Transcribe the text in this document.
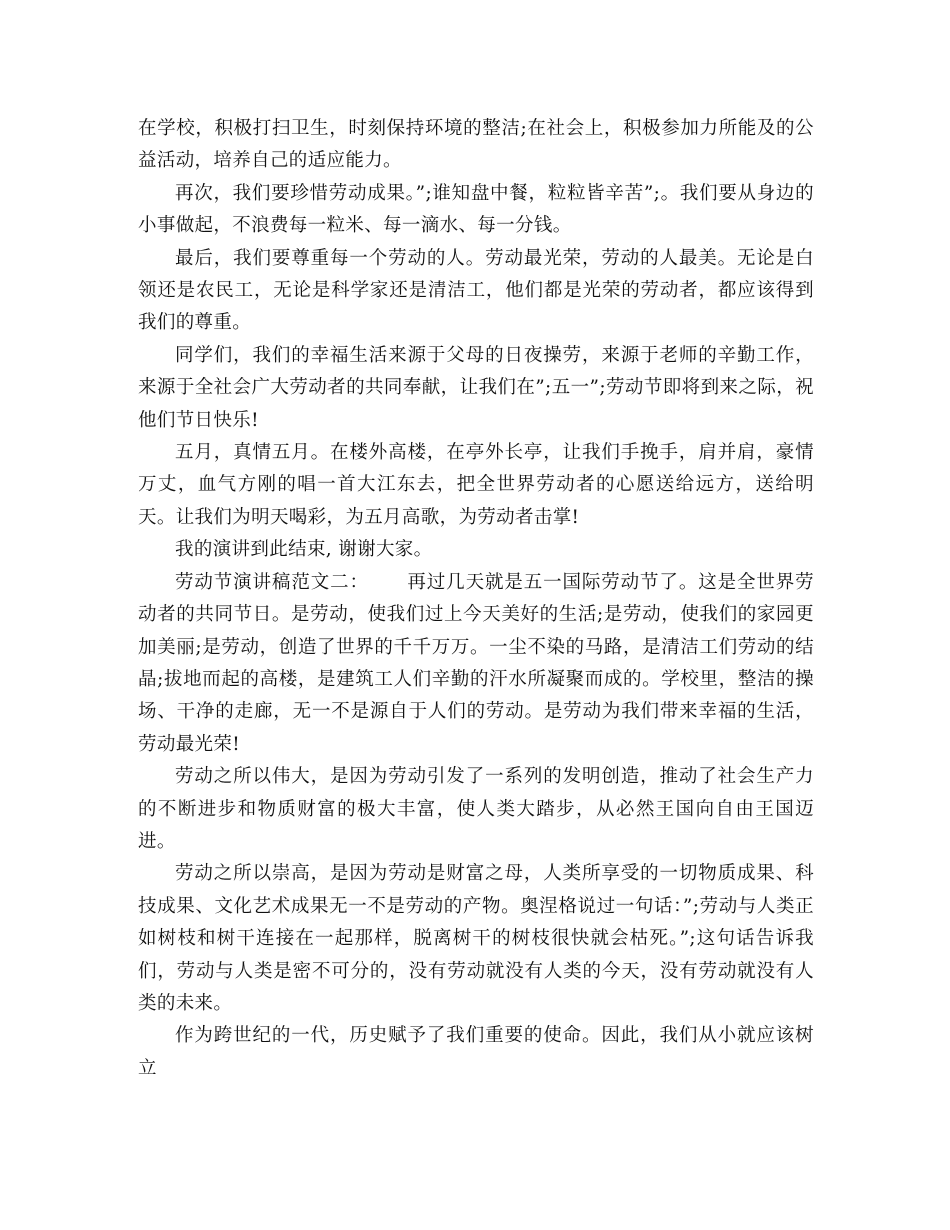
在学校，积极打扫卫生，时刻保持环境的整洁;在社会上，积极参加力所能及的公益活动，培养自己的适应能力。

再次，我们要珍惜劳动成果。”;谁知盘中餐，粒粒皆辛苦”;。我们要从身边的小事做起，不浪费每一粒米、每一滴水、每一分钱。

最后，我们要尊重每一个劳动的人。劳动最光荣，劳动的人最美。无论是白领还是农民工，无论是科学家还是清洁工，他们都是光荣的劳动者，都应该得到我们的尊重。

同学们，我们的幸福生活来源于父母的日夜操劳，来源于老师的辛勤工作，来源于全社会广大劳动者的共同奉献，让我们在”;五一”;劳动节即将到来之际，祝他们节日快乐!

五月，真情五月。在楼外高楼，在亭外长亭，让我们手挽手，肩并肩，豪情万丈，血气方刚的唱一首大江东去，把全世界劳动者的心愿送给远方，送给明天。让我们为明天喝彩，为五月高歌，为劳动者击掌!

我的演讲到此结束, 谢谢大家。

劳动节演讲稿范文二： 再过几天就是五一国际劳动节了。这是全世界劳动者的共同节日。是劳动，使我们过上今天美好的生活;是劳动，使我们的家园更加美丽;是劳动，创造了世界的千千万万。一尘不染的马路，是清洁工们劳动的结晶;拔地而起的高楼，是建筑工人们辛勤的汗水所凝聚而成的。学校里，整洁的操场、干净的走廊，无一不是源自于人们的劳动。是劳动为我们带来幸福的生活，劳动最光荣!

劳动之所以伟大，是因为劳动引发了一系列的发明创造，推动了社会生产力的不断进步和物质财富的极大丰富，使人类大踏步，从必然王国向自由王国迈进。

劳动之所以崇高，是因为劳动是财富之母，人类所享受的一切物质成果、科技成果、文化艺术成果无一不是劳动的产物。奥涅格说过一句话：”;劳动与人类正如树枝和树干连接在一起那样，脱离树干的树枝很快就会枯死。”;这句话告诉我们，劳动与人类是密不可分的，没有劳动就没有人类的今天，没有劳动就没有人类的未来。

作为跨世纪的一代，历史赋予了我们重要的使命。因此，我们从小就应该树立
